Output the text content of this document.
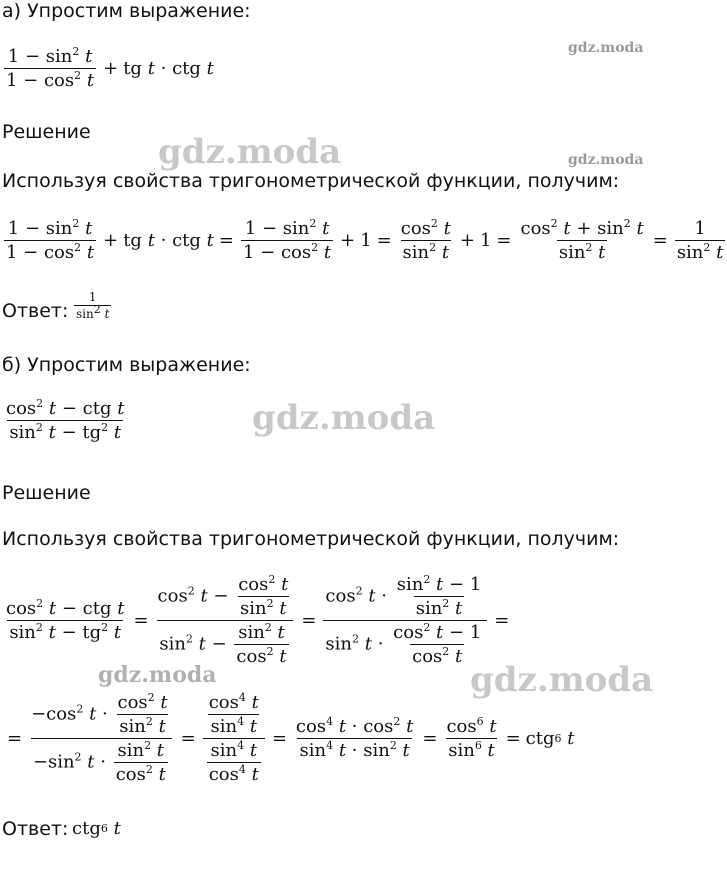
а) Упростим выражение:
$\frac{1 - \sin^2 t}{1 - \cos^2 t}$ + tg t · ctg t
gdz.moda
Решение gdz.moda	gdz.moda
Используя свойства тригонометрической функции, получим:
$\frac{1 - \sin^2 t}{1 - \cos^2 t}$ + tg t · ctg $t = \frac{1 - \sin^2 t}{1 - \cos^2 t} + 1 = \frac{\cos^2 t}{\sin^2 t} + 1 = \frac{\cos^2 t + \sin^2 t}{\sin^2 t} = \frac{1}{\sin^2 t}$
Ответ: $\frac{1}{\sin^2 t}$
б) Упростим выражение:
$\frac{\cos^2 t - ctg t}{\sin^2 t - tg^2 t}$	gdz.moda
Решение
Используя свойства тригонометрической функции, получим:
$\frac{\cos^2 t - ctg t}{\sin^2 t - tg^2 t} = \frac{\cos^2 t - \frac{\cos^2 t}{\sin^2 t}}{\sin^2 t - \frac{\sin^2 t}{\cos^2 t}} = \frac{\cos^2 t \cdot \frac{\sin^2 t - 1}{\sin^2 t}}{\sin^2 t \cdot \frac{\cos^2 t - 1}{\cos^2 t}}$ =
gdz.moda
gdz.moda
= $\frac{-\cos^2 t \cdot \frac{\cos^2 t}{\sin^2 t}}{-\sin^2 t \cdot \frac{\sin^2 t}{\cos^2 t}} = \frac{\frac{\cos^4 t}{\sin^4 t}}{\frac{\sin^4 t}{\cos^4 t}} = \frac{\cos^4 t \cdot \cos^2 t}{\sin^4 t \cdot \sin^2 t} = \frac{\cos^6 t}{\sin^6 t}$ = ctg 6
t
Ответ: ctg 6
t
